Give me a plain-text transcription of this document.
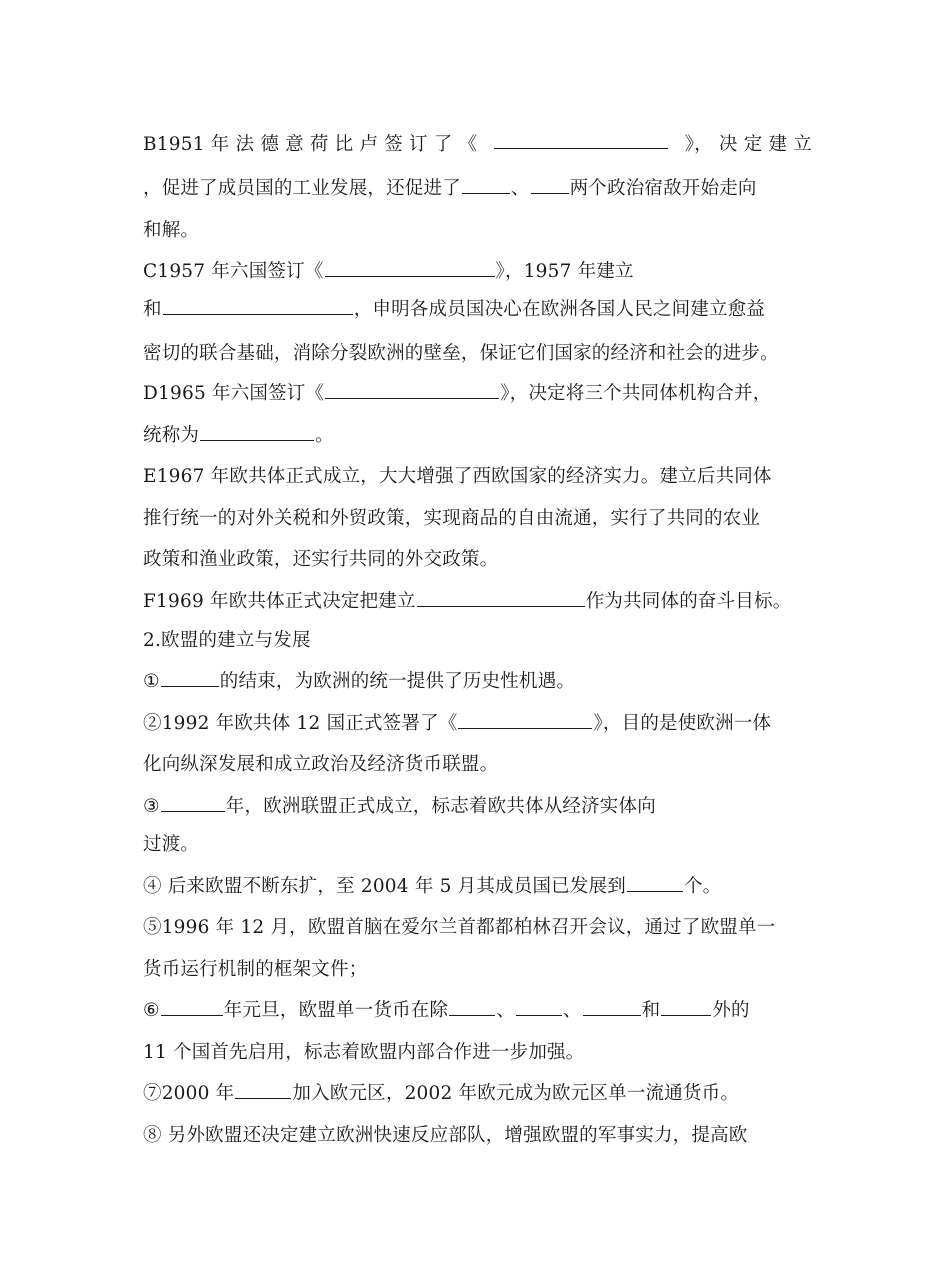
B1951 年 法 德 意 荷 比 卢 签 订 了 《	》， 决 定 建 立
，促进了成员国的工业发展，还促进了	、 两个政治宿敌开始走向
和解。
C1957 年六国签订《	》，1957 年建立
和	，申明各成员国决心在欧洲各国人民之间建立愈益
密切的联合基础，消除分裂欧洲的壁垒，保证它们国家的经济和社会的进步。
D1965 年六国签订《	》，决定将三个共同体机构合并，
统称为	。
E1967 年欧共体正式成立，大大增强了西欧国家的经济实力。建立后共同体
推行统一的对外关税和外贸政策，实现商品的自由流通，实行了共同的农业
政策和渔业政策，还实行共同的外交政策。
F1969 年欧共体正式决定把建立	作为共同体的奋斗目标。
2.欧盟的建立与发展
①	的结束，为欧洲的统一提供了历史性机遇。
②1992 年欧共体 12 国正式签署了《	》，目的是使欧洲一体
化向纵深发展和成立政治及经济货币联盟。
③	年，欧洲联盟正式成立，标志着欧共体从经济实体向
过渡。
④ 后来欧盟不断东扩，至 2004 年 5 月其成员国已发展到	个。
⑤1996 年 12 月，欧盟首脑在爱尔兰首都都柏林召开会议，通过了欧盟单一
货币运行机制的框架文件；
⑥	年元旦，欧盟单一货币在除	、	、	和	外的
11 个国首先启用，标志着欧盟内部合作进一步加强。
⑦2000 年	加入欧元区，2002 年欧元成为欧元区单一流通货币。
⑧ 另外欧盟还决定建立欧洲快速反应部队，增强欧盟的军事实力，提高欧
